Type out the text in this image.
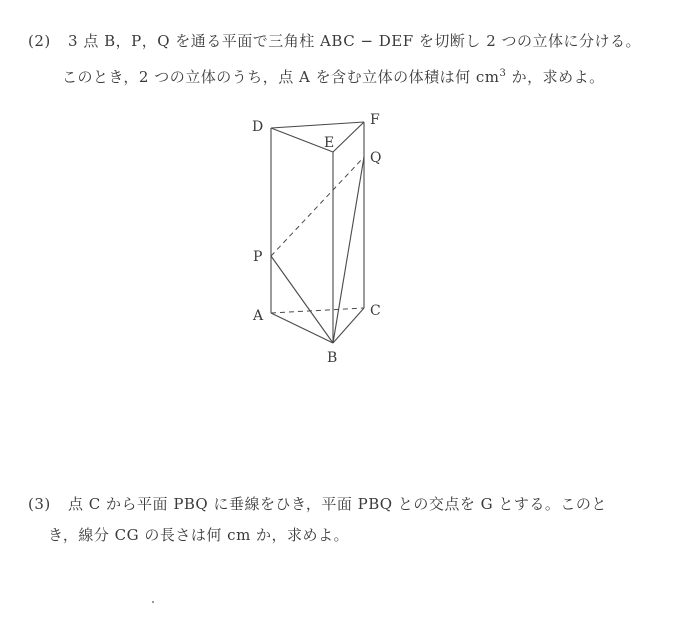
(2) 3 点 B，P，Q を通る平面で三角柱 ABC − DEF を切断し 2 つの立体に分ける。
このとき，2 つの立体のうち，点 A を含む立体の体積は何 $cm^3$ か，求めよ。
D
E
F
Q
P
A	C
B
(3) 点 C から平面 PBQ に垂線をひき，平面 PBQ との交点を G とする。このと
き，線分 CG の長さは何 cm か，求めよ。
